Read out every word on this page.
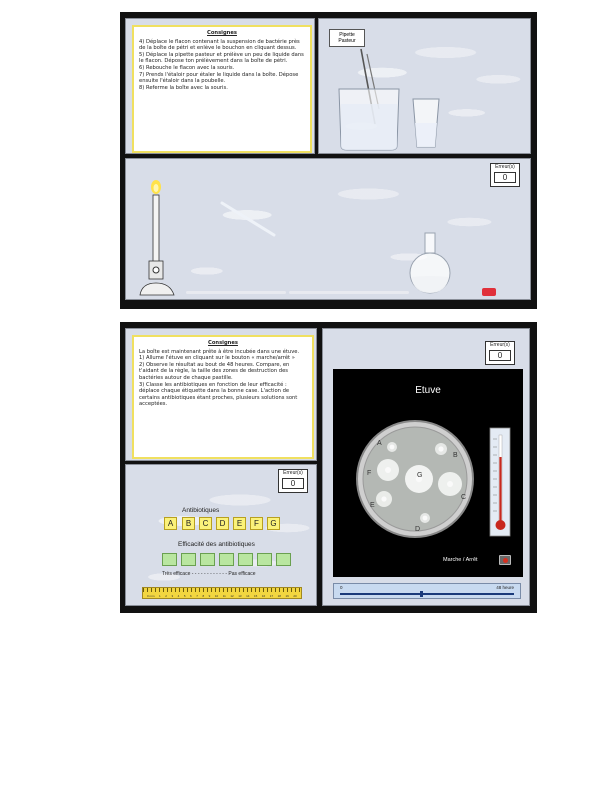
Consignes

4) Déplace le flacon contenant la suspension de bactérie près de la boîte de pétri et enlève le bouchon en cliquant dessus.

5) Déplace la pipette pasteur et prélève un peu de liquide dans le flacon. Dépose ton prélèvement dans la boîte de pétri.

6) Rebouche le flacon avec la souris.

7) Prends l'étaloir pour étaler le liquide dans la boîte. Dépose ensuite l'étaloir dans la poubelle.

8) Referme la boîte avec la souris.

Pipette Pasteur
Erreur(s)
0
Consignes

La boîte est maintenant prête à être incubée dans une étuve.

1) Allume l'étuve en cliquant sur le bouton « marche/arrêt »

2) Observe le résultat au bout de 48 heures. Compare, en t'aidant de la règle, la taille des zones de destruction des bactéries autour de chaque pastille.

3) Classe les antibiotiques en fonction de leur efficacité : déplace chaque étiquette dans la bonne case. L'action de certains antibiotiques étant proches, plusieurs solutions sont acceptées.

Erreur(s)
0
Antibiotiques
A	B	C	D	E	F	G
Efficacité des antibiotiques
Très efficace - - - - - - - - - - - - Pas efficace
0 mm 1 2 3 4 5 6 7 8 9 10 11 12 13 14 15 16 17 18 19 20
Erreur(s)
0
Etuve
A
B
C
D
E
F	G
Marche / Arrêt
0	48 heure
